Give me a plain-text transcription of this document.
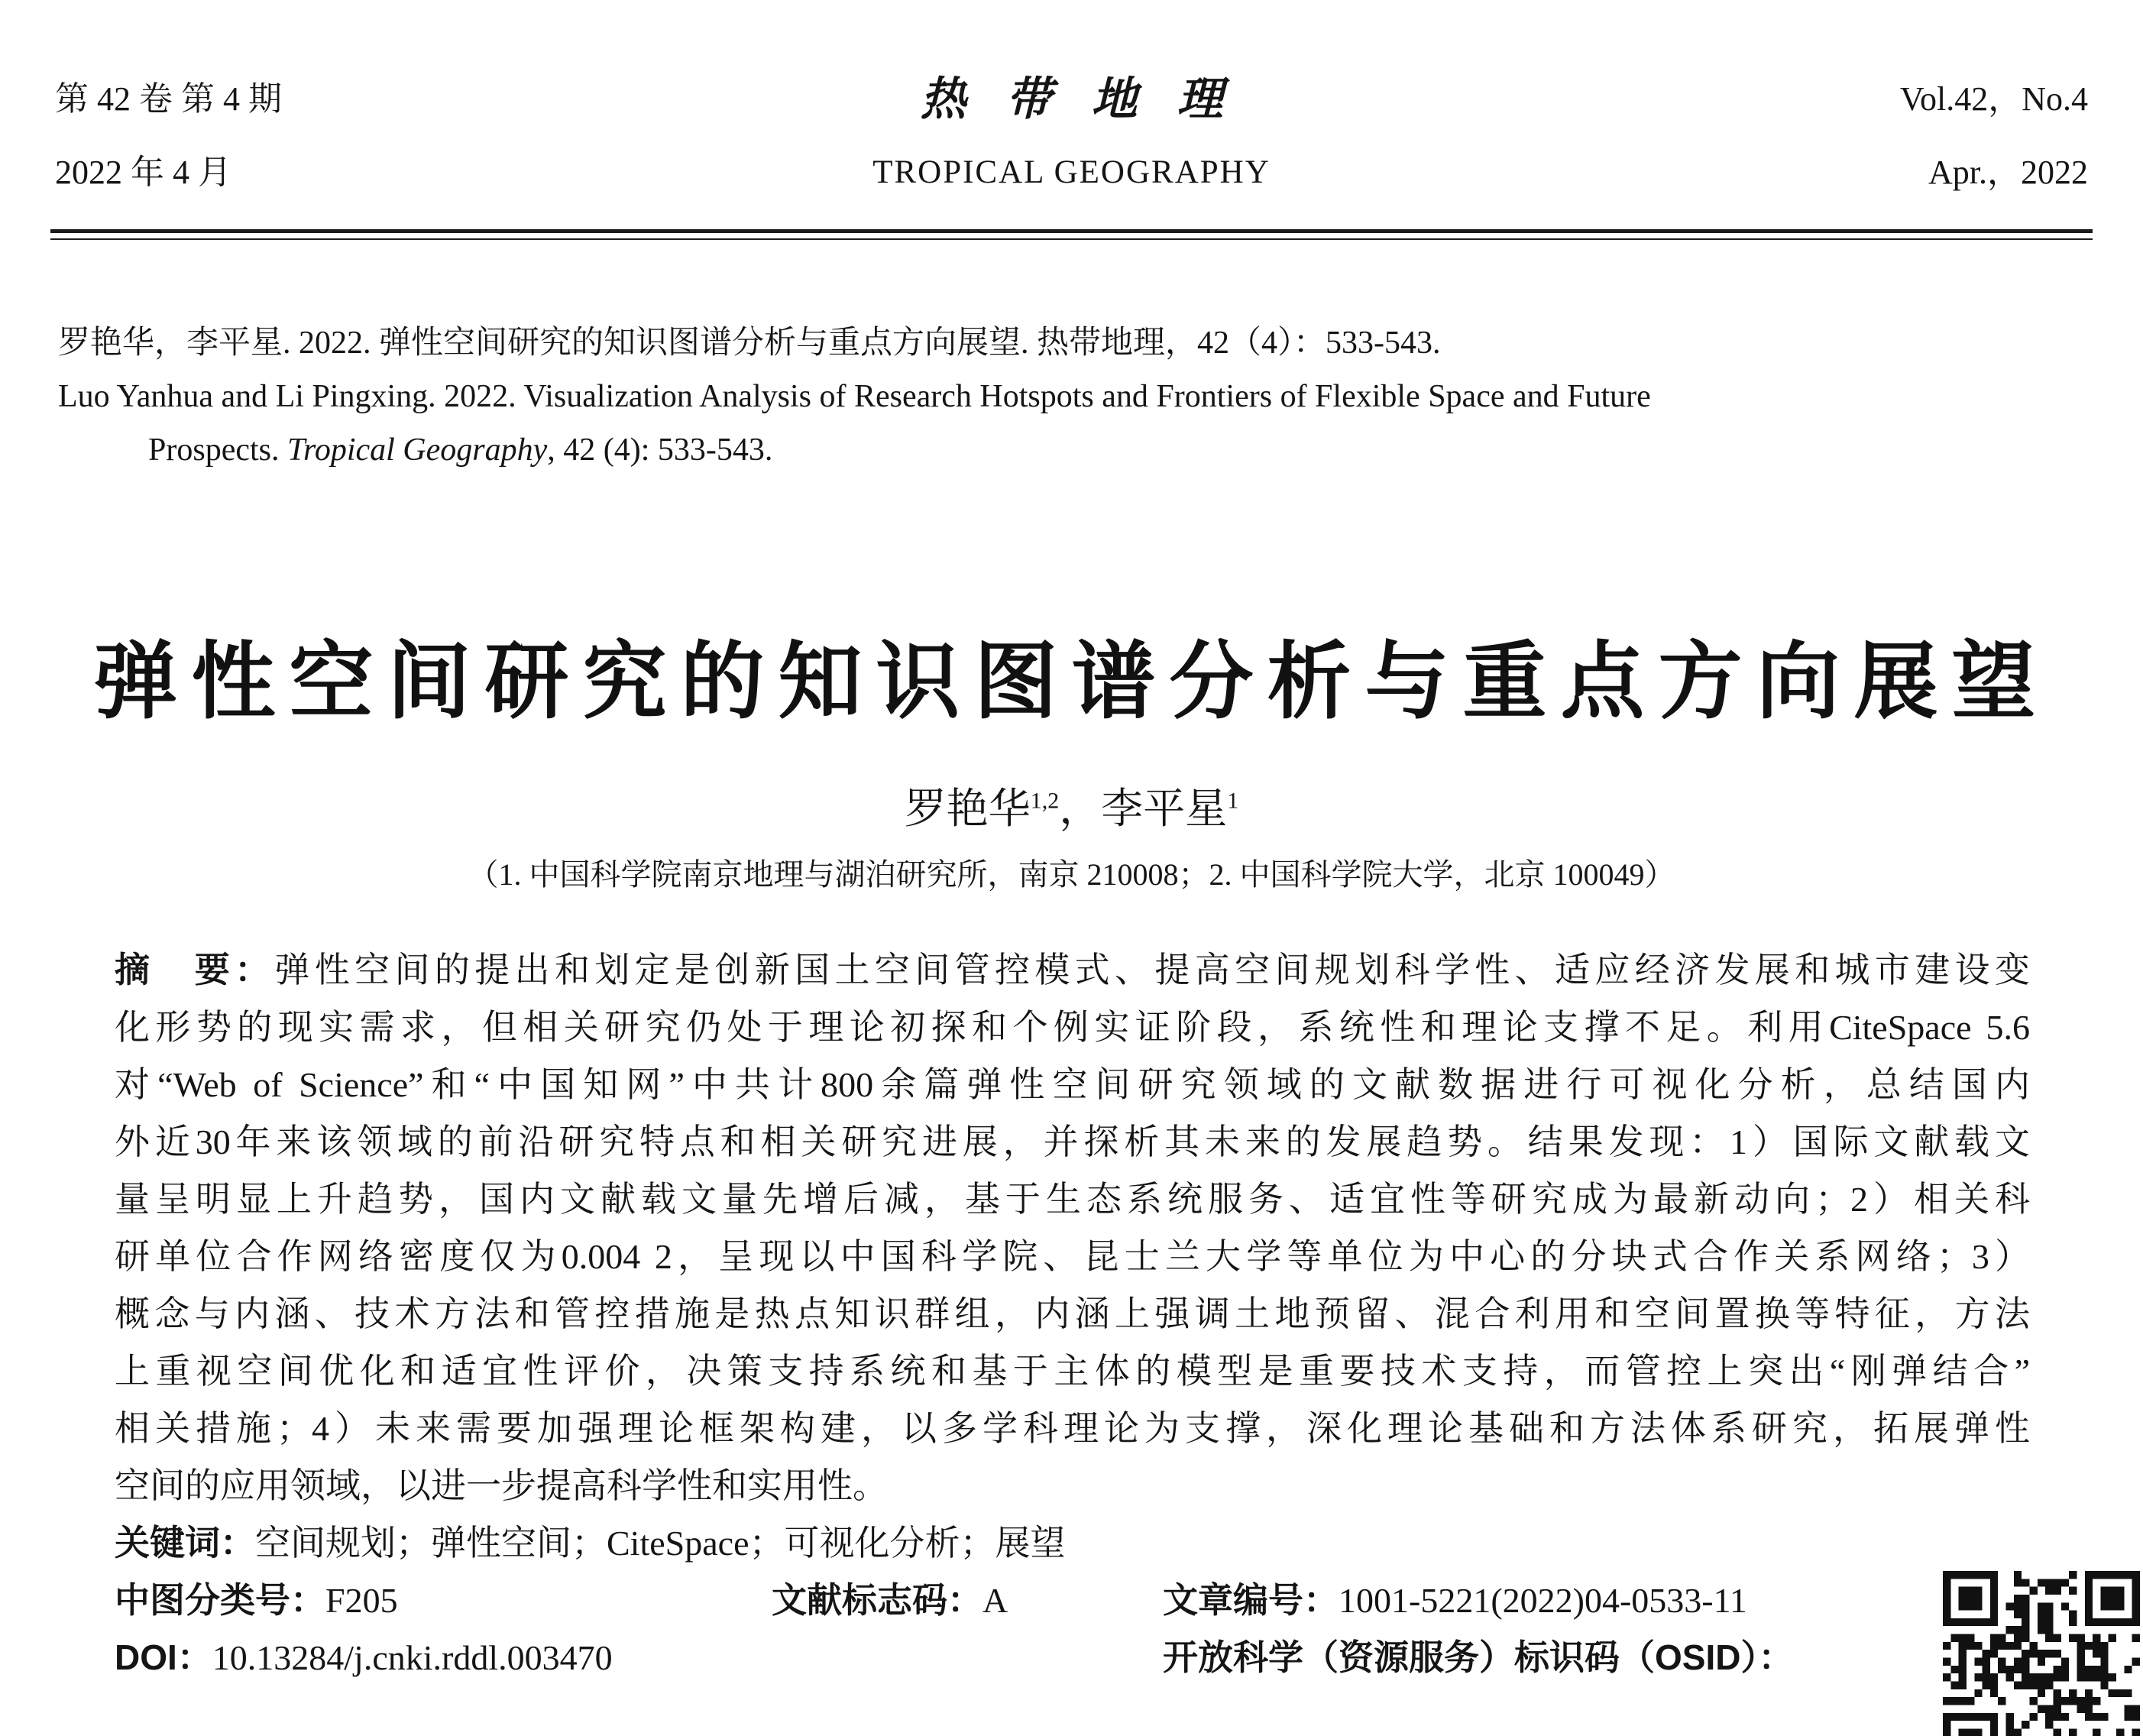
第 42 卷 第 4 期
2022 年 4 月
热带地理
TROPICAL GEOGRAPHY
Vol.42，No.4
Apr.，2022
罗艳华，李平星. 2022. 弹性空间研究的知识图谱分析与重点方向展望. 热带地理，42（4）：533-543.
Luo Yanhua and Li Pingxing. 2022. Visualization Analysis of Research Hotspots and Frontiers of Flexible Space and Future
Prospects. Tropical Geography, 42 (4): 533-543.
弹性空间研究的知识图谱分析与重点方向展望
罗艳华$^{1,2}$，李平星$^1$
（1. 中国科学院南京地理与湖泊研究所，南京 210008；2. 中国科学院大学，北京 100049）
摘　要：弹性空间的提出和划定是创新国土空间管控模式、提高空间规划科学性、适应经济发展和城市建设变
化形势的现实需求，但相关研究仍处于理论初探和个例实证阶段，系统性和理论支撑不足。利用CiteSpace 5.6
对“Web of Science”和“中国知网”中共计800余篇弹性空间研究领域的文献数据进行可视化分析，总结国内
外近30年来该领域的前沿研究特点和相关研究进展，并探析其未来的发展趋势。结果发现：1）国际文献载文
量呈明显上升趋势，国内文献载文量先增后减，基于生态系统服务、适宜性等研究成为最新动向；2）相关科
研单位合作网络密度仅为0.004 2，呈现以中国科学院、昆士兰大学等单位为中心的分块式合作关系网络；3）
概念与内涵、技术方法和管控措施是热点知识群组，内涵上强调土地预留、混合利用和空间置换等特征，方法
上重视空间优化和适宜性评价，决策支持系统和基于主体的模型是重要技术支持，而管控上突出“刚弹结合”
相关措施；4）未来需要加强理论框架构建，以多学科理论为支撑，深化理论基础和方法体系研究，拓展弹性
空间的应用领域，以进一步提高科学性和实用性。
关键词：空间规划；弹性空间；CiteSpace；可视化分析；展望
中图分类号：F205	文献标志码：A	文章编号：1001-5221(2022)04-0533-11
DOI：10.13284/j.cnki.rddl.003470	开放科学（资源服务）标识码（OSID）：
